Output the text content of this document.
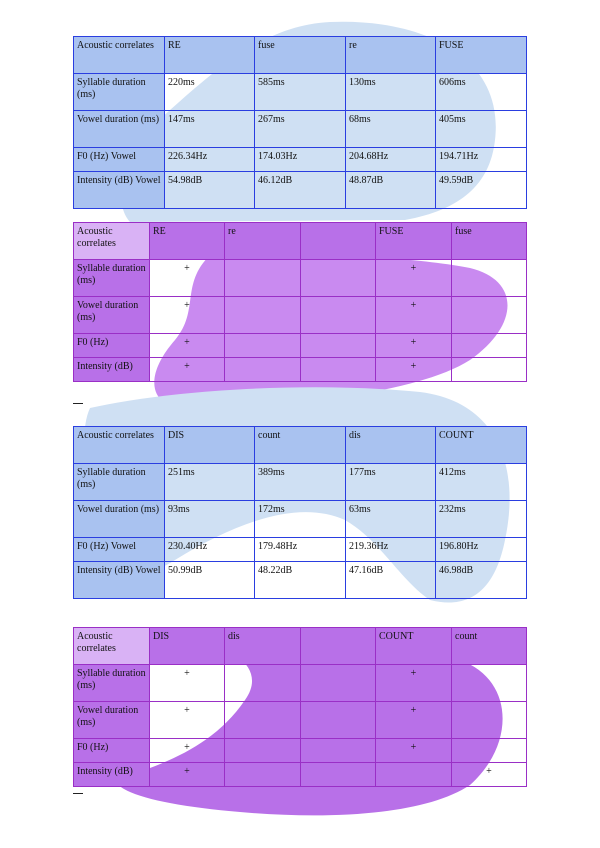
Acoustic correlates	RE	fuse	re	FUSE
Syllable duration (ms)	220ms	585ms	130ms	606ms
Vowel duration (ms)	147ms	267ms	68ms	405ms
F0 (Hz) Vowel	226.34Hz	174.03Hz	204.68Hz	194.71Hz
Intensity (dB) Vowel	54.98dB	46.12dB	48.87dB	49.59dB
Acoustic correlates	RE	re		FUSE	fuse
Syllable duration (ms)	+			+	
Vowel duration (ms)	+			+	
F0 (Hz)	+			+	
Intensity (dB)	+			+	
Acoustic correlates	DIS	count	dis	COUNT
Syllable duration (ms)	251ms	389ms	177ms	412ms
Vowel duration (ms)	93ms	172ms	63ms	232ms
F0 (Hz) Vowel	230.40Hz	179.48Hz	219.36Hz	196.80Hz
Intensity (dB) Vowel	50.99dB	48.22dB	47.16dB	46.98dB
Acoustic correlates	DIS	dis		COUNT	count
Syllable duration (ms)	+			+	
Vowel duration (ms)	+			+	
F0 (Hz)	+			+	
Intensity (dB)	+				+
